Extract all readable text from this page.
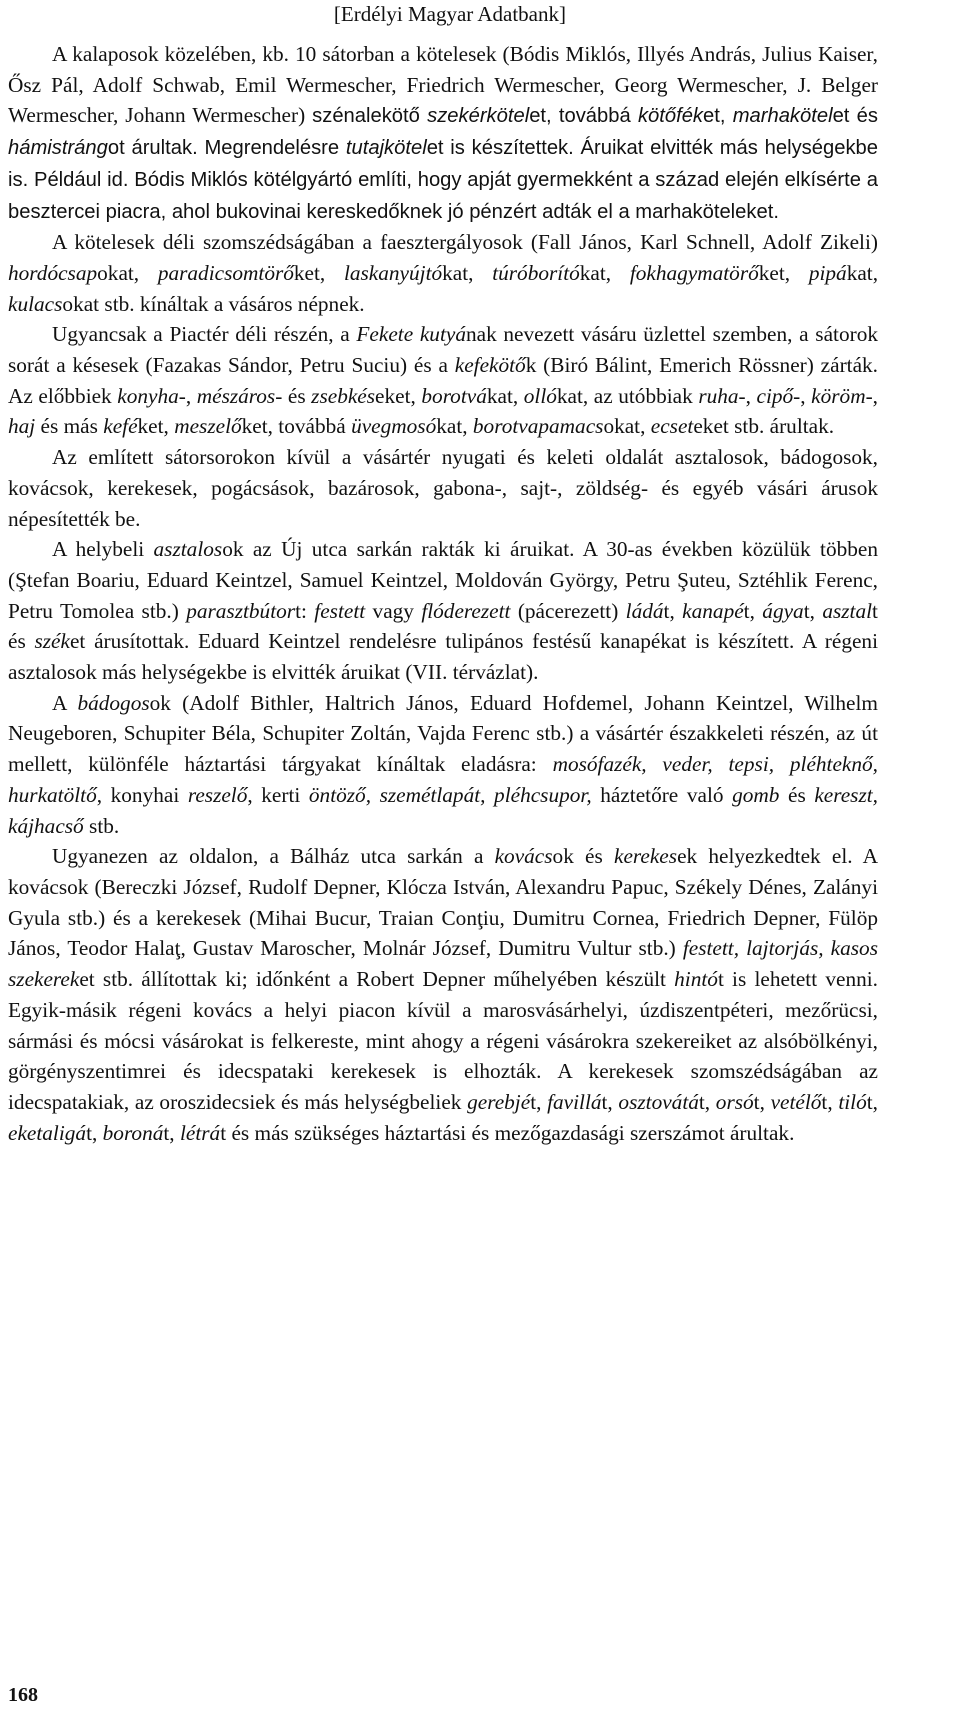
[Erdélyi Magyar Adatbank]

A kalaposok közelében, kb. 10 sátorban a kötelesek (Bódis Miklós, Illyés András, Julius Kaiser, Ősz Pál, Adolf Schwab, Emil Wermescher, Friedrich Wermescher, Georg Wermescher, J. Belger Wermescher, Johann Wermescher) szénalekötő szekérkötelet, továbbá kötőféket, marhakötelet és hámistrángot árultak. Megrendelésre tutajkötelet is készítettek. Áruikat elvitték más helységekbe is. Például id. Bódis Miklós kötélgyártó említi, hogy apját gyermekként a század elején elkísérte a besztercei piacra, ahol bukovinai kereskedőknek jó pénzért adták el a marhaköteleket.

A kötelesek déli szomszédságában a faesztergályosok (Fall János, Karl Schnell, Adolf Zikeli) hordócsapokat, paradicsomtörőket, laskanyújtókat, túróborítókat, fokhagymatörőket, pipákat, kulacsokat stb. kínáltak a vásáros népnek.

Ugyancsak a Piactér déli részén, a Fekete kutyának nevezett vásáru üzlettel szemben, a sátorok sorát a késesek (Fazakas Sándor, Petru Suciu) és a kefekötők (Biró Bálint, Emerich Rössner) zárták. Az előbbiek konyha-, mészáros- és zsebkéseket, borotvákat, ollókat, az utóbbiak ruha-, cipő-, köröm-, haj és más keféket, meszelőket, továbbá üvegmosókat, borotvapamacsokat, ecseteket stb. árultak.

Az említett sátorsorokon kívül a vásártér nyugati és keleti oldalát asztalosok, bádogosok, kovácsok, kerekesek, pogácsások, bazárosok, gabona-, sajt-, zöldség- és egyéb vásári árusok népesítették be.

A helybeli asztalosok az Új utca sarkán rakták ki áruikat. A 30-as években közülük többen (Ştefan Boariu, Eduard Keintzel, Samuel Keintzel, Moldován György, Petru Şuteu, Sztéhlik Ferenc, Petru Tomolea stb.) parasztbútort: festett vagy flóderezett (pácerezett) ládát, kanapét, ágyat, asztalt és széket árusítottak. Eduard Keintzel rendelésre tulipános festésű kanapékat is készített. A régeni asztalosok más helységekbe is elvitték áruikat (VII. térvázlat).

A bádogosok (Adolf Bithler, Haltrich János, Eduard Hofdemel, Johann Keintzel, Wilhelm Neugeboren, Schupiter Béla, Schupiter Zoltán, Vajda Ferenc stb.) a vásártér északkeleti részén, az út mellett, különféle háztartási tárgyakat kínáltak eladásra: mosófazék, veder, tepsi, pléhteknő, hurkatöltő, konyhai reszelő, kerti öntöző, szemétlapát, pléhcsupor, háztetőre való gomb és kereszt, kájhacső stb.

Ugyanezen az oldalon, a Bálház utca sarkán a kovácsok és kerekesek helyezkedtek el. A kovácsok (Bereczki József, Rudolf Depner, Klócza István, Alexandru Papuc, Székely Dénes, Zalányi Gyula stb.) és a kerekesek (Mihai Bucur, Traian Conţiu, Dumitru Cornea, Friedrich Depner, Fülöp János, Teodor Halaţ, Gustav Maroscher, Molnár József, Dumitru Vultur stb.) festett, lajtorjás, kasos szekereket stb. állítottak ki; időnként a Robert Depner műhelyében készült hintót is lehetett venni. Egyik-másik régeni kovács a helyi piacon kívül a marosvásárhelyi, úzdiszentpéteri, mezőrücsi, sármási és mócsi vásárokat is felkereste, mint ahogy a régeni vásárokra szekereiket az alsóbölkényi, görgényszentimrei és idecspataki kerekesek is elhozták. A kerekesek szomszédságában az idecspatakiak, az oroszidecsiek és más helységbeliek gerebjét, favillát, osztovátát, orsót, vetélőt, tilót, eketaligát, boronát, létrát és más szükséges háztartási és mezőgazdasági szerszámot árultak.

168
